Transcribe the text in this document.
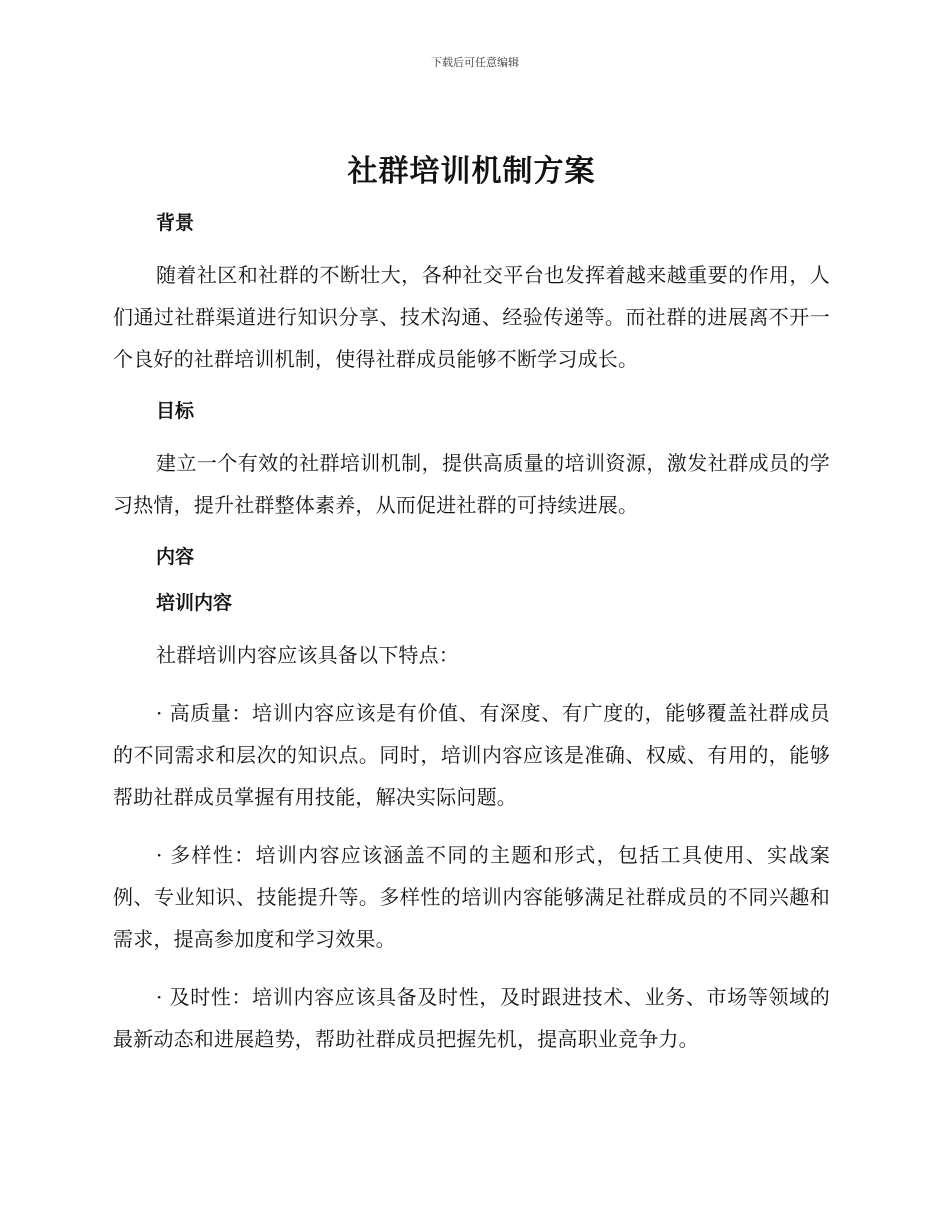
下载后可任意编辑
社群培训机制方案
背景

随着社区和社群的不断壮大，各种社交平台也发挥着越来越重要的作用，人们通过社群渠道进行知识分享、技术沟通、经验传递等。而社群的进展离不开一个良好的社群培训机制，使得社群成员能够不断学习成长。

目标

建立一个有效的社群培训机制，提供高质量的培训资源，激发社群成员的学习热情，提升社群整体素养，从而促进社群的可持续进展。

内容
培训内容

社群培训内容应该具备以下特点：

· 高质量：培训内容应该是有价值、有深度、有广度的，能够覆盖社群成员的不同需求和层次的知识点。同时，培训内容应该是准确、权威、有用的，能够帮助社群成员掌握有用技能，解决实际问题。

· 多样性：培训内容应该涵盖不同的主题和形式，包括工具使用、实战案例、专业知识、技能提升等。多样性的培训内容能够满足社群成员的不同兴趣和需求，提高参加度和学习效果。

· 及时性：培训内容应该具备及时性，及时跟进技术、业务、市场等领域的最新动态和进展趋势，帮助社群成员把握先机，提高职业竞争力。
